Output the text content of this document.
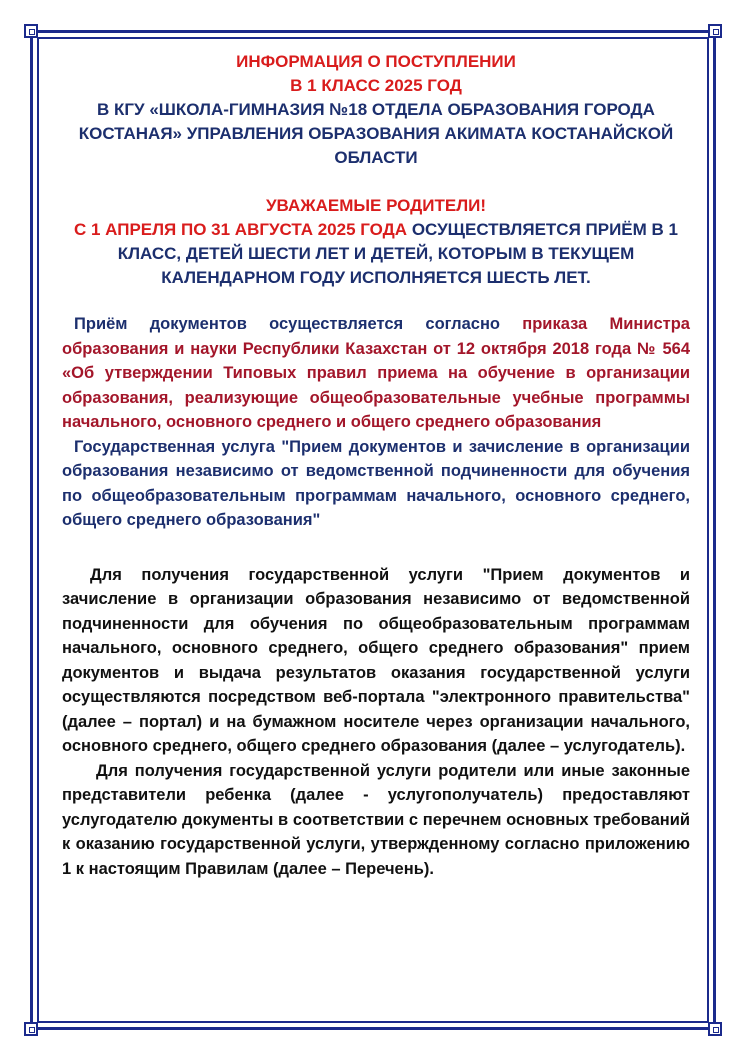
ИНФОРМАЦИЯ О ПОСТУПЛЕНИИ
В 1 КЛАСС 2025 ГОД
В КГУ «ШКОЛА-ГИМНАЗИЯ №18 ОТДЕЛА ОБРАЗОВАНИЯ ГОРОДА КОСТАНАЯ» УПРАВЛЕНИЯ ОБРАЗОВАНИЯ АКИМАТА КОСТАНАЙСКОЙ ОБЛАСТИ
УВАЖАЕМЫЕ РОДИТЕЛИ!
С 1 АПРЕЛЯ ПО 31 АВГУСТА 2025 ГОДА ОСУЩЕСТВЛЯЕТСЯ ПРИЁМ В 1 КЛАСС, ДЕТЕЙ ШЕСТИ ЛЕТ И ДЕТЕЙ, КОТОРЫМ В ТЕКУЩЕМ КАЛЕНДАРНОМ ГОДУ ИСПОЛНЯЕТСЯ ШЕСТЬ ЛЕТ.

Приём документов осуществляется согласно приказа Министра образования и науки Республики Казахстан от 12 октября 2018 года № 564 «Об утверждении Типовых правил приема на обучение в организации образования, реализующие общеобразовательные учебные программы начального, основного среднего и общего среднего образования

Государственная услуга "Прием документов и зачисление в организации образования независимо от ведомственной подчиненности для обучения по общеобразовательным программам начального, основного среднего, общего среднего образования"

Для получения государственной услуги "Прием документов и зачисление в организации образования независимо от ведомственной подчиненности для обучения по общеобразовательным программам начального, основного среднего, общего среднего образования" прием документов и выдача результатов оказания государственной услуги осуществляются посредством веб-портала "электронного правительства" (далее – портал) и на бумажном носителе через организации начального, основного среднего, общего среднего образования (далее – услугодатель).

Для получения государственной услуги родители или иные законные представители ребенка (далее - услугополучатель) предоставляют услугодателю документы в соответствии с перечнем основных требований к оказанию государственной услуги, утвержденному согласно приложению 1 к настоящим Правилам (далее – Перечень).
